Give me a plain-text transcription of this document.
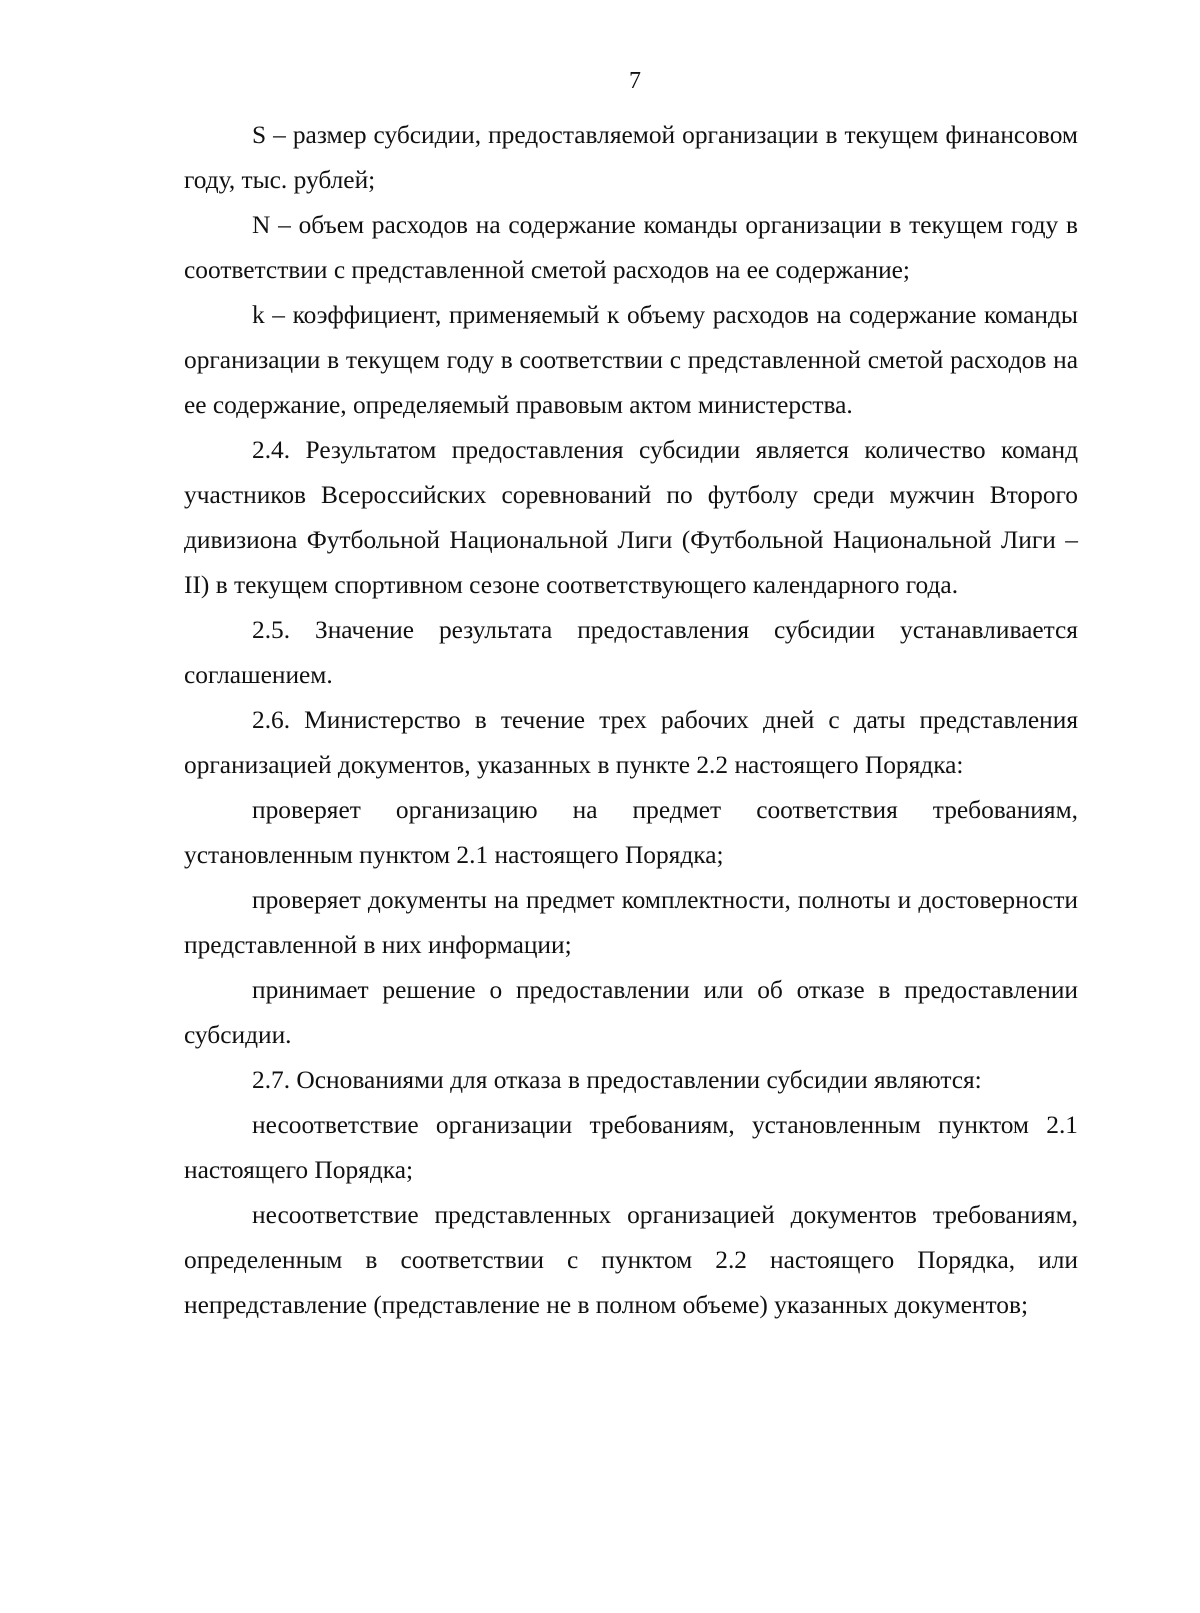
7

S – размер субсидии, предоставляемой организации в текущем финансовом году, тыс. рублей;

N – объем расходов на содержание команды организации в текущем году в соответствии с представленной сметой расходов на ее содержание;

k – коэффициент, применяемый к объему расходов на содержание команды организации в текущем году в соответствии с представленной сметой расходов на ее содержание, определяемый правовым актом министерства.

2.4. Результатом предоставления субсидии является количество команд участников Всероссийских соревнований по футболу среди мужчин Второго дивизиона Футбольной Национальной Лиги (Футбольной Национальной Лиги – II) в текущем спортивном сезоне соответствующего календарного года.

2.5. Значение результата предоставления субсидии устанавливается соглашением.

2.6. Министерство в течение трех рабочих дней с даты представления организацией документов, указанных в пункте 2.2 настоящего Порядка:

проверяет организацию на предмет соответствия требованиям, установленным пунктом 2.1 настоящего Порядка;

проверяет документы на предмет комплектности, полноты и достоверности представленной в них информации;

принимает решение о предоставлении или об отказе в предоставлении субсидии.

2.7. Основаниями для отказа в предоставлении субсидии являются:

несоответствие организации требованиям, установленным пунктом 2.1 настоящего Порядка;

несоответствие представленных организацией документов требованиям, определенным в соответствии с пунктом 2.2 настоящего Порядка, или непредставление (представление не в полном объеме) указанных документов;
